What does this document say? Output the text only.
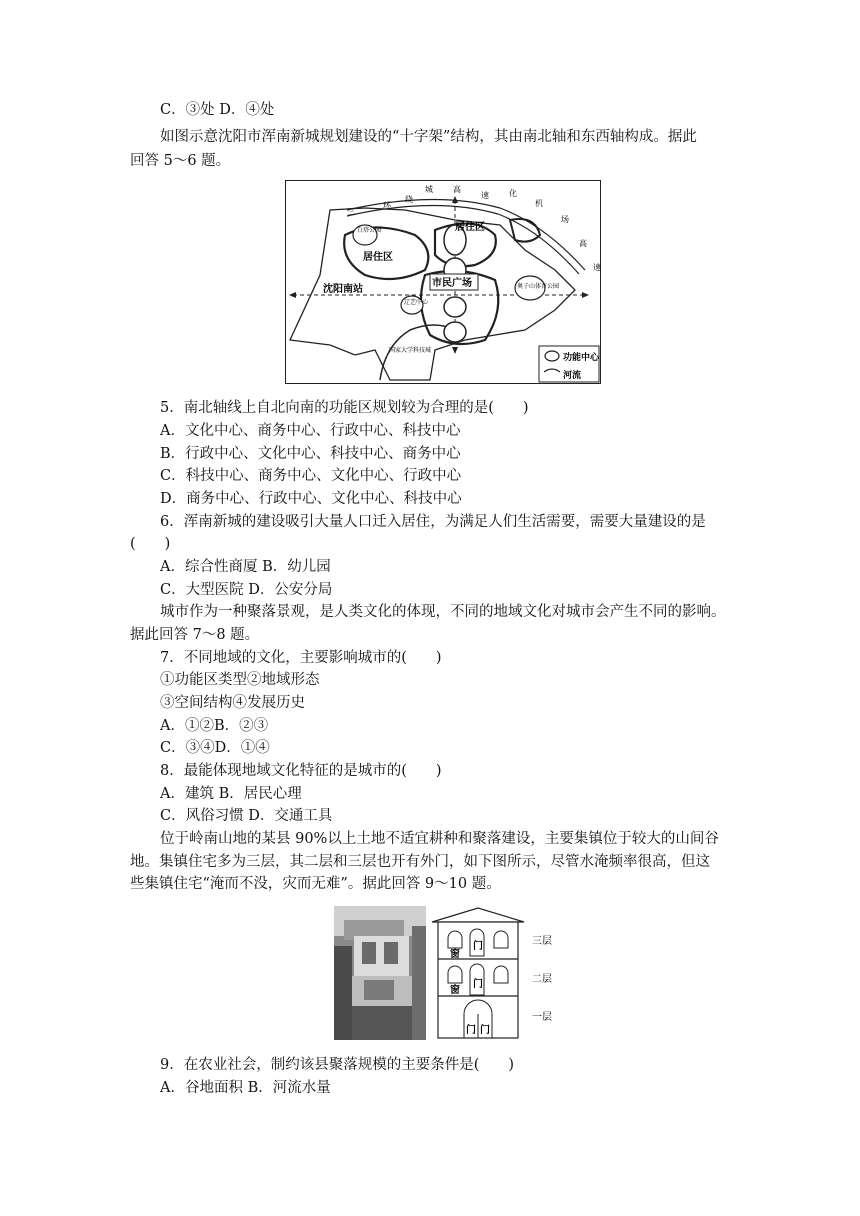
C．③处 D．④处
如图示意沈阳市浑南新城规划建设的“十字架”结构，其由南北轴和东西轴构成。据此
回答 5～6 题。
三
环
绕
城	高
速	化
机
场
高
速
白塔公园
居住区
居住区
市民广场
辽艺中心
奥子山体育公园
沈阳南站
国家大学科技城
功能中心
河流
5．南北轴线上自北向南的功能区规划较为合理的是(　　)
A．文化中心、商务中心、行政中心、科技中心
B．行政中心、文化中心、科技中心、商务中心
C．科技中心、商务中心、文化中心、行政中心
D．商务中心、行政中心、文化中心、科技中心
6．浑南新城的建设吸引大量人口迁入居住，为满足人们生活需要，需要大量建设的是
(　　)
A．综合性商厦 B．幼儿园
C．大型医院 D．公安分局
城市作为一种聚落景观，是人类文化的体现，不同的地域文化对城市会产生不同的影响。
据此回答 7～8 题。
7．不同地域的文化，主要影响城市的(　　)
①功能区类型②地域形态
③空间结构④发展历史
A．①②B．②③
C．③④D．①④
8．最能体现地域文化特征的是城市的(　　)
A．建筑 B．居民心理
C．风俗习惯 D．交通工具
位于岭南山地的某县 90%以上土地不适宜耕种和聚落建设，主要集镇位于较大的山间谷
地。集镇住宅多为三层，其二层和三层也开有外门，如下图所示，尽管水淹频率很高，但这
些集镇住宅“淹而不没，灾而无难”。据此回答 9～10 题。
窗
门
窗
门
门 门
三层
二层
一层
9．在农业社会，制约该县聚落规模的主要条件是(　　)
A．谷地面积 B．河流水量
